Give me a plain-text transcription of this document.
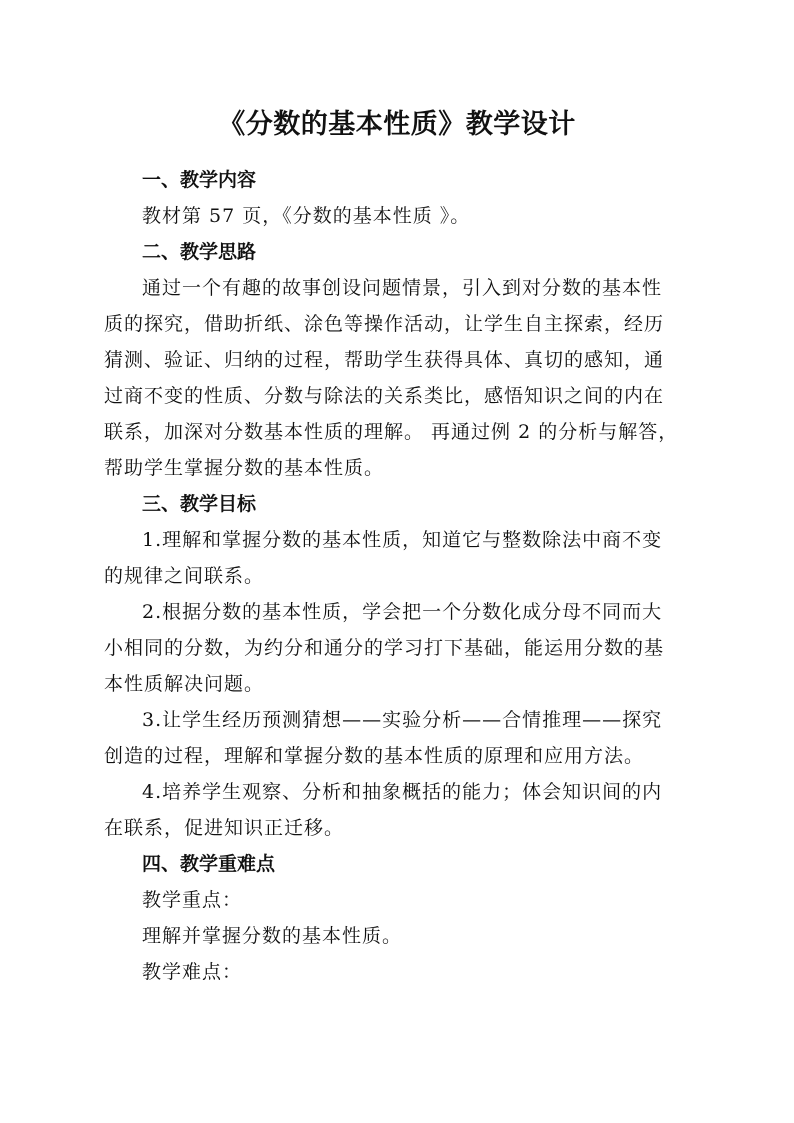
《分数的基本性质》教学设计
一、教学内容
教材第 57 页，《分数的基本性质 》。
二、教学思路
通过一个有趣的故事创设问题情景，引入到对分数的基本性
质的探究，借助折纸、涂色等操作活动，让学生自主探索，经历
猜测、验证、归纳的过程，帮助学生获得具体、真切的感知，通
过商不变的性质、分数与除法的关系类比，感悟知识之间的内在
联系，加深对分数基本性质的理解。 再通过例 2 的分析与解答，
帮助学生掌握分数的基本性质。
三、教学目标
1.理解和掌握分数的基本性质，知道它与整数除法中商不变
的规律之间联系。
2.根据分数的基本性质，学会把一个分数化成分母不同而大
小相同的分数，为约分和通分的学习打下基础，能运用分数的基
本性质解决问题。
3.让学生经历预测猜想——实验分析——合情推理——探究
创造的过程，理解和掌握分数的基本性质的原理和应用方法。
4.培养学生观察、分析和抽象概括的能力；体会知识间的内
在联系，促进知识正迁移。
四、教学重难点
教学重点：
理解并掌握分数的基本性质。
教学难点：
